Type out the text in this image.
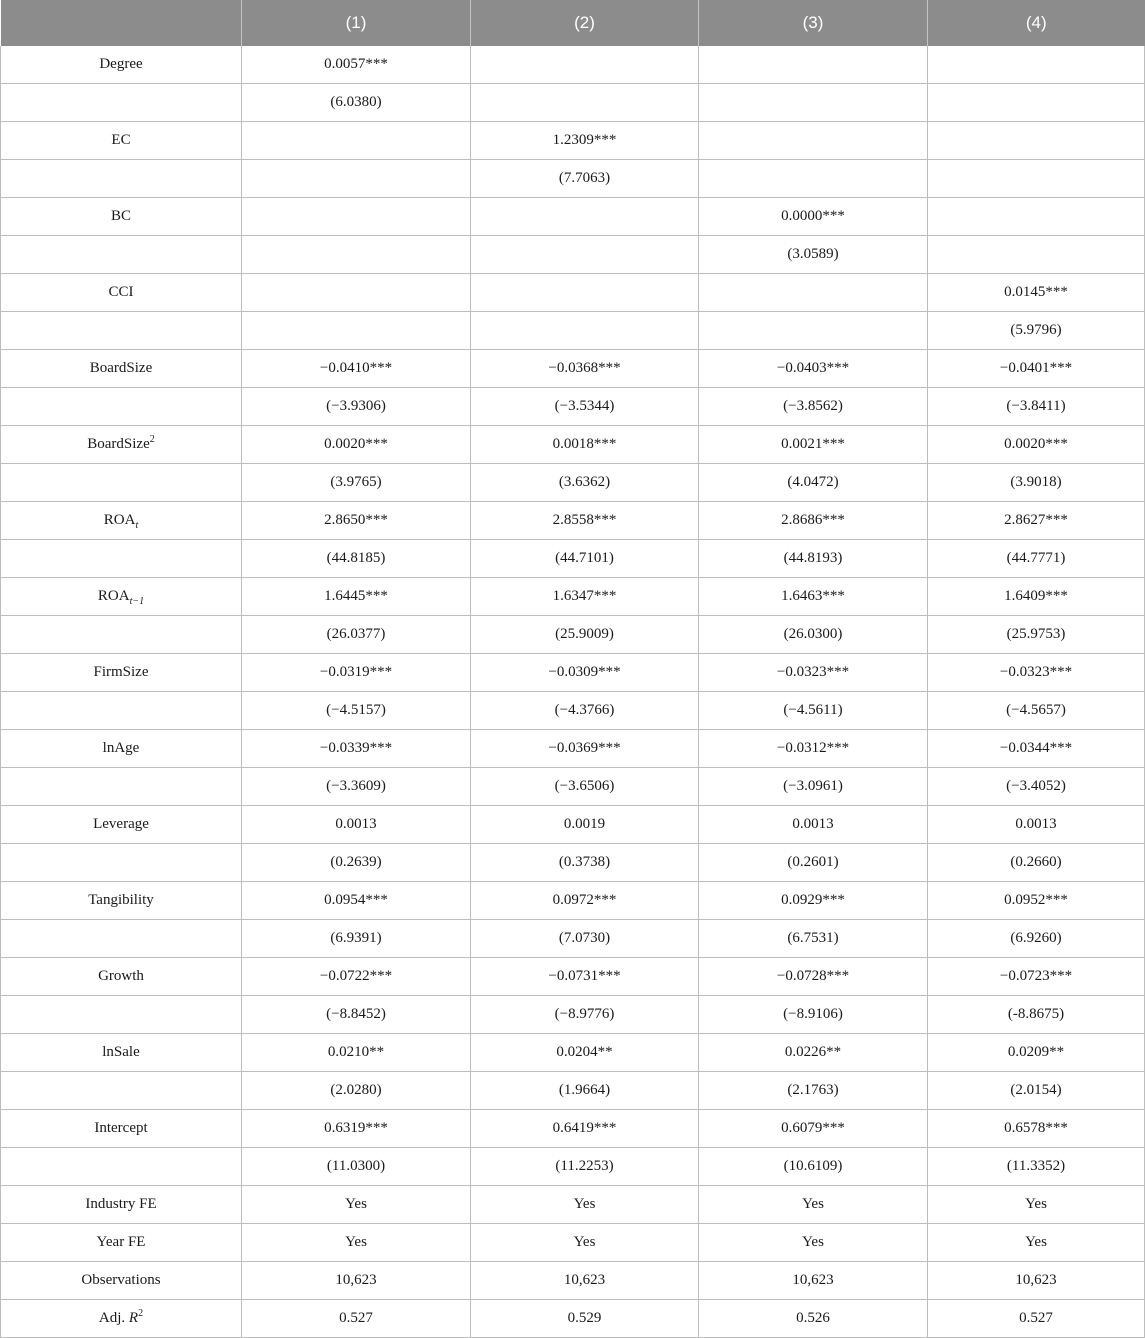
	(1)	(2)	(3)	(4)
Degree	0.0057***			
	(6.0380)			
EC		1.2309***		
		(7.7063)		
BC			0.0000***	
			(3.0589)	
CCI				0.0145***
				(5.9796)
BoardSize	−0.0410***	−0.0368***	−0.0403***	−0.0401***
	(−3.9306)	(−3.5344)	(−3.8562)	(−3.8411)
BoardSize$^2$	0.0020***	0.0018***	0.0021***	0.0020***
	(3.9765)	(3.6362)	(4.0472)	(3.9018)
$ROA_t$	2.8650***	2.8558***	2.8686***	2.8627***
	(44.8185)	(44.7101)	(44.8193)	(44.7771)
$ROA_{t-1}$	1.6445***	1.6347***	1.6463***	1.6409***
	(26.0377)	(25.9009)	(26.0300)	(25.9753)
FirmSize	−0.0319***	−0.0309***	−0.0323***	−0.0323***
	(−4.5157)	(−4.3766)	(−4.5611)	(−4.5657)
lnAge	−0.0339***	−0.0369***	−0.0312***	−0.0344***
	(−3.3609)	(−3.6506)	(−3.0961)	(−3.4052)
Leverage	0.0013	0.0019	0.0013	0.0013
	(0.2639)	(0.3738)	(0.2601)	(0.2660)
Tangibility	0.0954***	0.0972***	0.0929***	0.0952***
	(6.9391)	(7.0730)	(6.7531)	(6.9260)
Growth	−0.0722***	−0.0731***	−0.0728***	−0.0723***
	(−8.8452)	(−8.9776)	(−8.9106)	(-8.8675)
lnSale	0.0210**	0.0204**	0.0226**	0.0209**
	(2.0280)	(1.9664)	(2.1763)	(2.0154)
Intercept	0.6319***	0.6419***	0.6079***	0.6578***
	(11.0300)	(11.2253)	(10.6109)	(11.3352)
Industry FE	Yes	Yes	Yes	Yes
Year FE	Yes	Yes	Yes	Yes
Observations	10,623	10,623	10,623	10,623
Adj. $R^2$	0.527	0.529	0.526	0.527
